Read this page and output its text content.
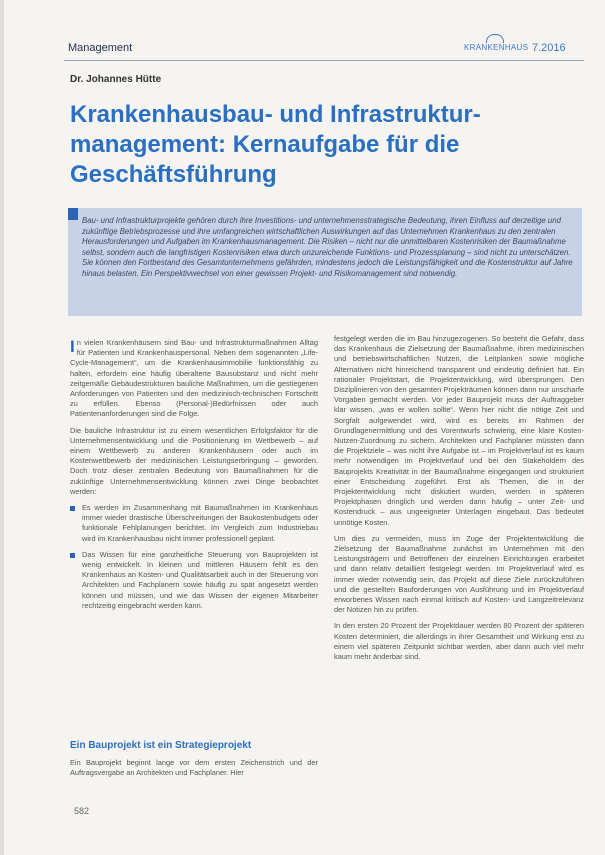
Management	KRANKENHAUS 7.2016
Dr. Johannes Hütte
Krankenhausbau- und Infrastruktur-management: Kernaufgabe für die Geschäftsführung

Bau- und Infrastrukturprojekte gehören durch ihre Investitions- und unternehmensstrategische Bedeutung, ihren Einfluss auf derzeitige und zukünftige Betriebsprozesse und ihre umfangreichen wirtschaftlichen Auswirkungen auf das Unternehmen Krankenhaus zu den zentralen Herausforderungen und Aufgaben im Krankenhausmanagement. Die Risiken – nicht nur die unmittelbaren Kostenrisiken der Baumaßnahme selbst, sondern auch die langfristigen Kostenrisiken etwa durch unzureichende Funktions- und Prozessplanung – sind nicht zu unterschätzen. Sie können den Fortbestand des Gesamtunternehmens gefährden, mindestens jedoch die Leistungsfähigkeit und die Kostenstruktur auf Jahre hinaus belasten. Ein Perspektivwechsel von einer gewissen Projekt- und Risikomanagement sind notwendig.

In vielen Krankenhäusern sind Bau- und Infrastrukturmaßnahmen Alltag für Patienten und Krankenhauspersonal. Neben dem sogenannten „Life-Cycle-Management“, um die Krankenhausimmobilie funktionsfähig zu halten, erfordern eine häufig überalterte Bausubstanz und nicht mehr zeitgemäße Gebäudestrukturen bauliche Maßnahmen, um die gestiegenen Anforderungen von Patienten und den medizinisch-technischen Fortschritt zu erfüllen. Ebenso (Personal-)Bedürfnissen oder auch Patientenanforderungen sind die Folge.

Die bauliche Infrastruktur ist zu einem wesentlichen Erfolgsfaktor für die Unternehmensentwicklung und die Positionierung im Wettbewerb – auf einem Wettbewerb zu anderen Krankenhäusern oder auch im Kostenwettbewerb der medizinischen Leistungserbringung – geworden. Doch trotz dieser zentralen Bedeutung von Baumaßnahmen für die zukünftige Unternehmensentwicklung können zwei Dinge beobachtet werden:

Es werden im Zusammenhang mit Baumaßnahmen im Krankenhaus immer wieder drastische Überschreitungen der Baukostenbudgets oder funktionale Fehlplanungen berichtet. Im Vergleich zum Industriebau wird im Krankenhausbau nicht immer professionell geplant.
Das Wissen für eine ganzheitliche Steuerung von Bauprojekten ist wenig entwickelt. In kleinen und mittleren Häusern fehlt es den Krankenhaus an Kosten- und Qualitätsarbeit auch in der Steuerung von Architekten und Fachplanern sowie häufig zu spät angesetzt werden können und müssen, und wie das Wissen der eigenen Mitarbeiter rechtzeitig eingebracht werden kann.
Ein Bauprojekt ist ein Strategieprojekt
Ein Bauprojekt beginnt lange vor dem ersten Zeichenstrich und der Auftragsvergabe an Architekten und Fachplaner. Hier

festgelegt werden die im Bau hinzugezogenen. So besteht die Gefahr, dass das Krankenhaus die Zielsetzung der Baumaßnahme, ihren medizinischen und betriebswirtschaftlichen Nutzen, die Leitplanken sowie mögliche Alternativen nicht hinreichend transparent und eindeutig definiert hat. Ein rationaler Projektstart, die Projektentwicklung, wird übersprungen. Den Disziplinieren von den gesamten Projekträumen können dann nur unscharfe Vorgaben gemacht werden. Vor jeder Bauprojekt muss der Auftraggeber klar wissen, „was er wollen sollte“. Wenn hier nicht die nötige Zeit und Sorgfalt aufgewendet wird, wird es bereits im Rahmen der Grundlagenermittlung und des Vorentwurfs schwierig, eine klare Kosten-Nutzen-Zuordnung zu sichern. Architekten und Fachplaner müssten dann die Projektziele – was nicht ihre Aufgabe ist – im Projektverlauf ist es kaum mehr notwendigen im Projektverlauf und bei den Stakeholdern des Bauprojekts Kreativität in der Baumaßnahme eingegangen und strukturiert einer Entscheidung zugeführt. Erst als Themen, die in der Projektentwicklung nicht diskutiert wurden, werden in späteren Projektphasen dringlich und werden dann häufig – unter Zeit- und Kostendruck – aus ungeeigneter Unterlagen eingebaut. Das bedeutet unnötige Kosten.

Um dies zu vermeiden, muss im Zuge der Projektentwicklung die Zielsetzung der Baumaßnahme zunächst im Unternehmen mit den Leistungsträgern und Betroffenen der einzelnen Einrichtungen erarbeitet und dann relativ detailliert festgelegt werden. Im Projektverlauf wird es immer wieder notwendig sein, das Projekt auf diese Ziele zurückzuführen und die gestellten Bauforderungen von Ausführung und im Projektverlauf erworbenes Wissen nach einmal kritisch auf Kosten- und Langzeitrelevanz der Notizen hin zu prüfen.

In den ersten 20 Prozent der Projektdauer werden 80 Prozent der späteren Kosten determiniert, die allerdings in ihrer Gesamtheit und Wirkung erst zu einem viel späteren Zeitpunkt sichtbar werden, aber dann auch viel mehr kaum mehr änderbar sind.

582
